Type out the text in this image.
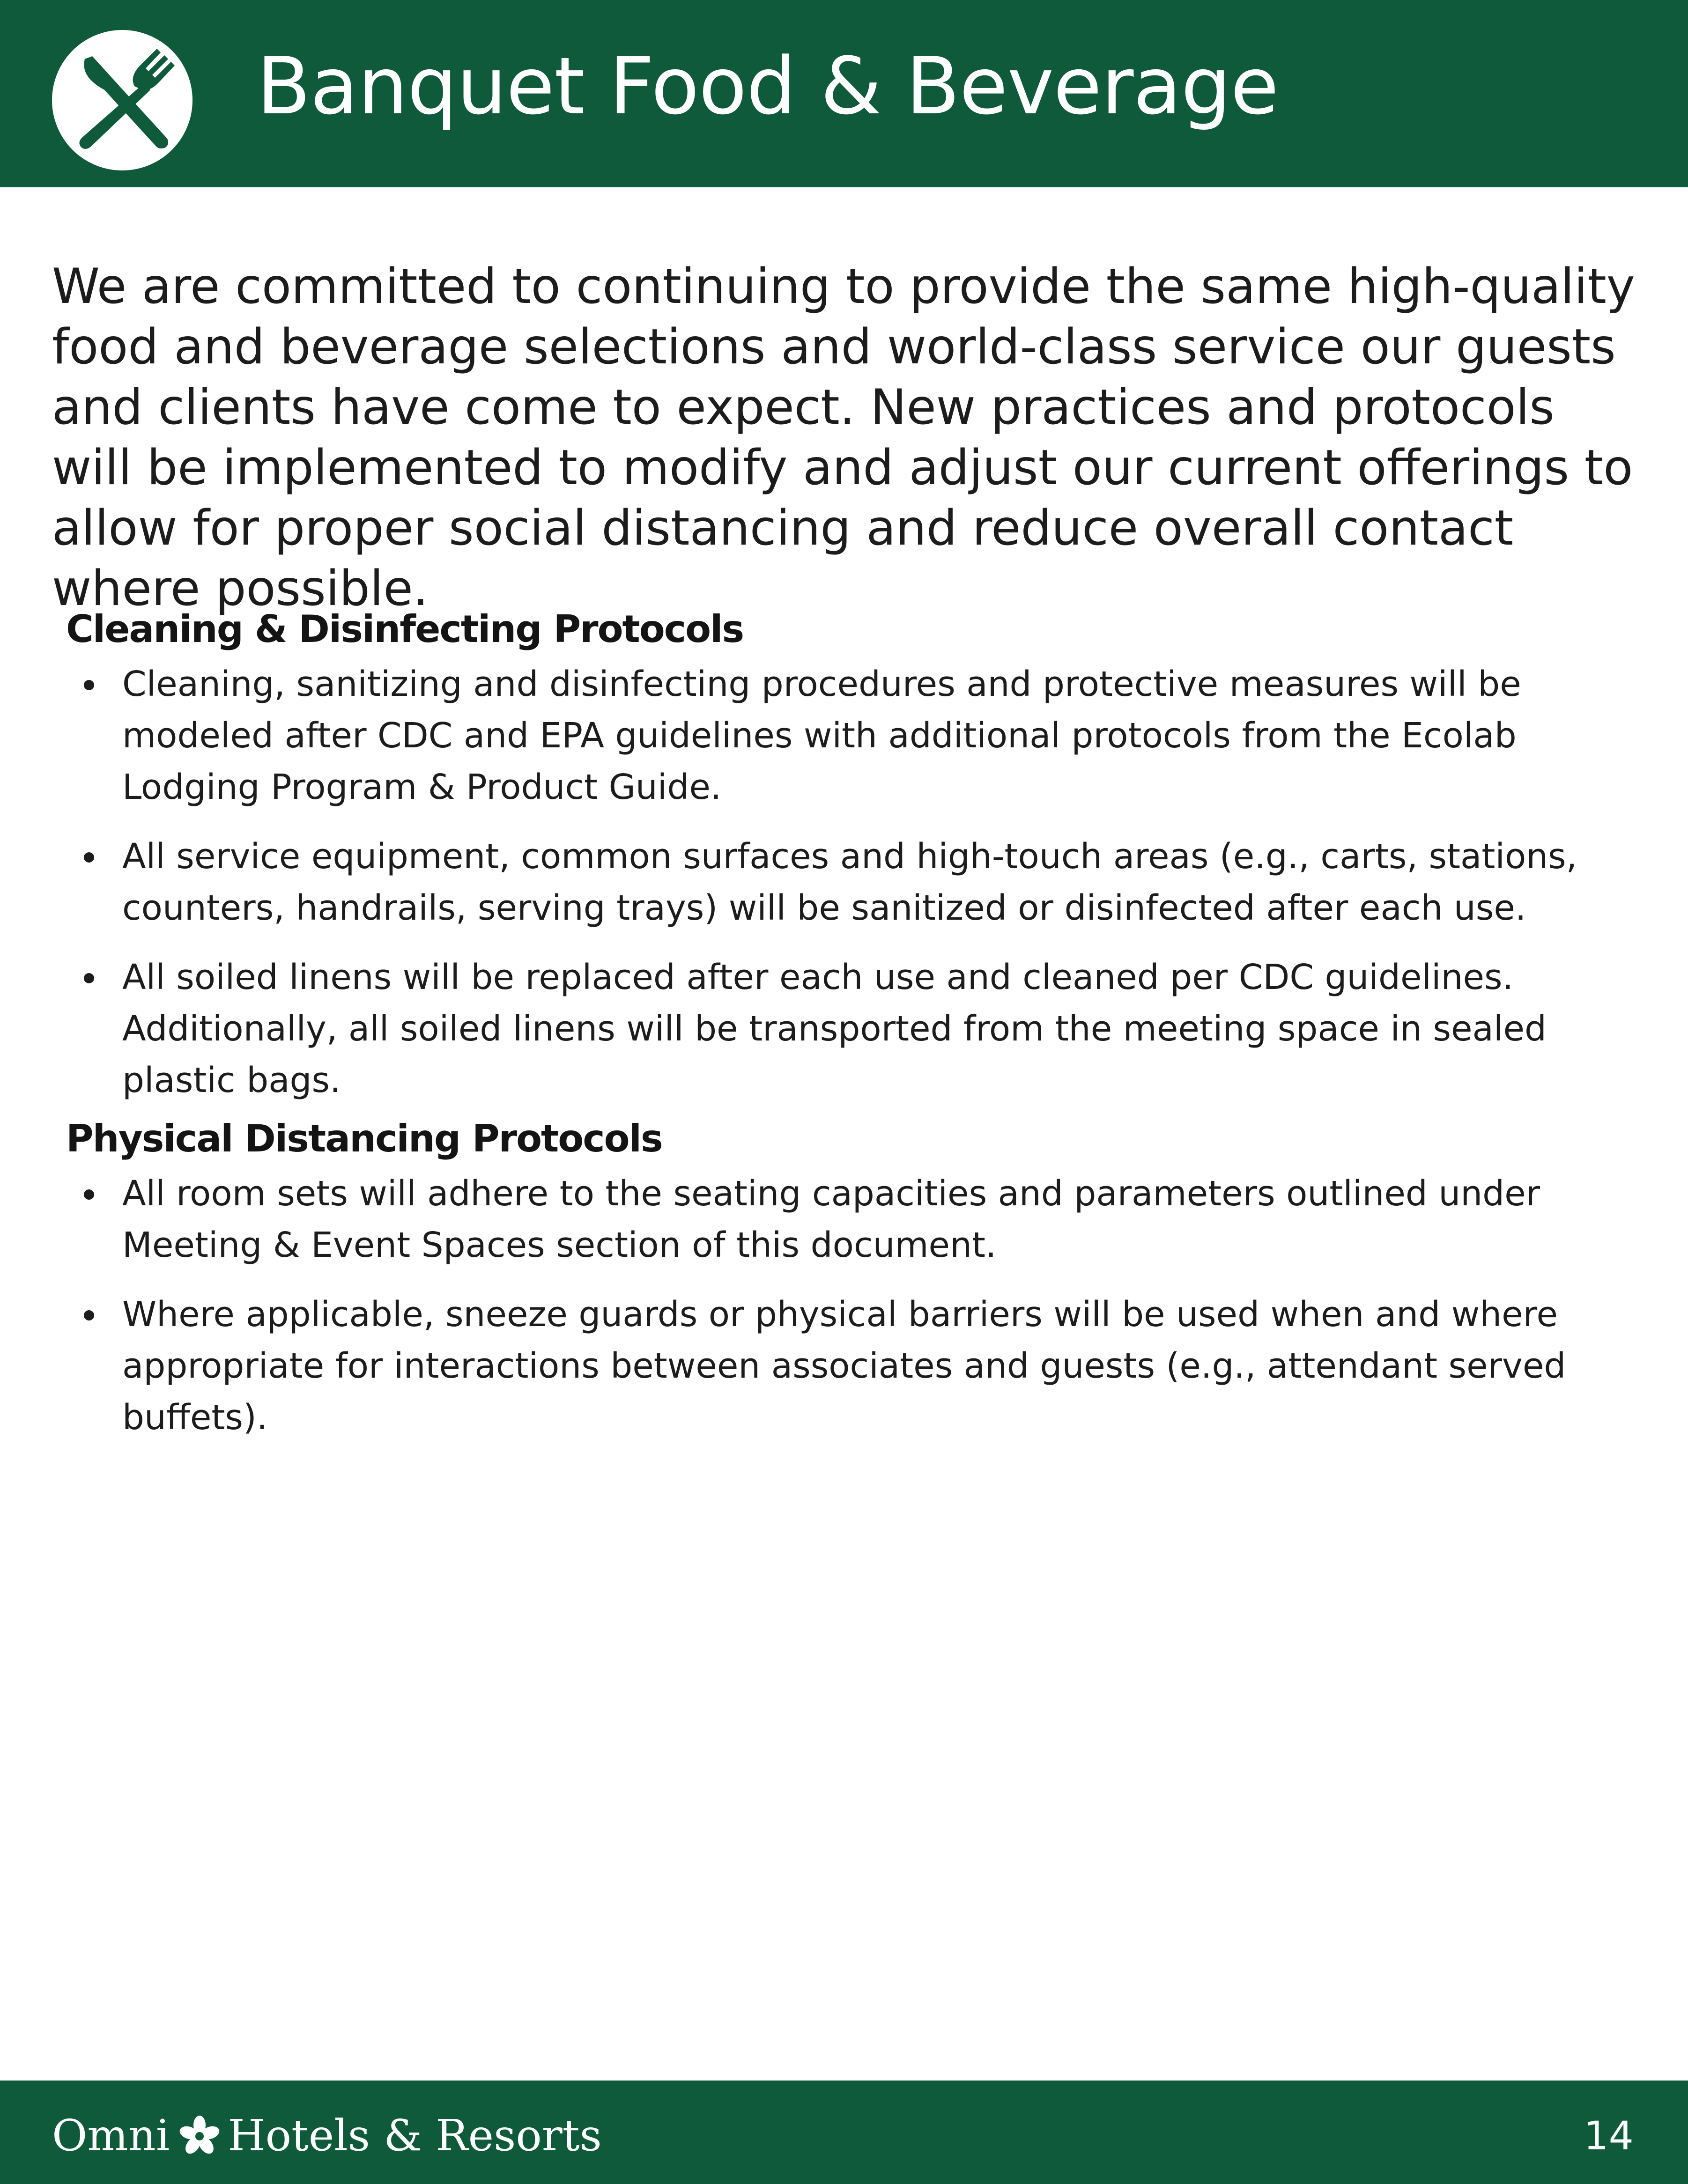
Banquet Food & Beverage

We are committed to continuing to provide the same high-quality food and beverage selections and world-class service our guests and clients have come to expect. New practices and protocols will be implemented to modify and adjust our current offerings to allow for proper social distancing and reduce overall contact where possible.

Cleaning & Disinfecting Protocols
Cleaning, sanitizing and disinfecting procedures and protective measures will be modeled after CDC and EPA guidelines with additional protocols from the Ecolab Lodging Program & Product Guide.
All service equipment, common surfaces and high-touch areas (e.g., carts, stations, counters, handrails, serving trays) will be sanitized or disinfected after each use.
All soiled linens will be replaced after each use and cleaned per CDC guidelines. Additionally, all soiled linens will be transported from the meeting space in sealed plastic bags.
Physical Distancing Protocols
All room sets will adhere to the seating capacities and parameters outlined under Meeting & Event Spaces section of this document.
Where applicable, sneeze guards or physical barriers will be used when and where appropriate for interactions between associates and guests (e.g., attendant served buffets).
Omni Hotels & Resorts	14
